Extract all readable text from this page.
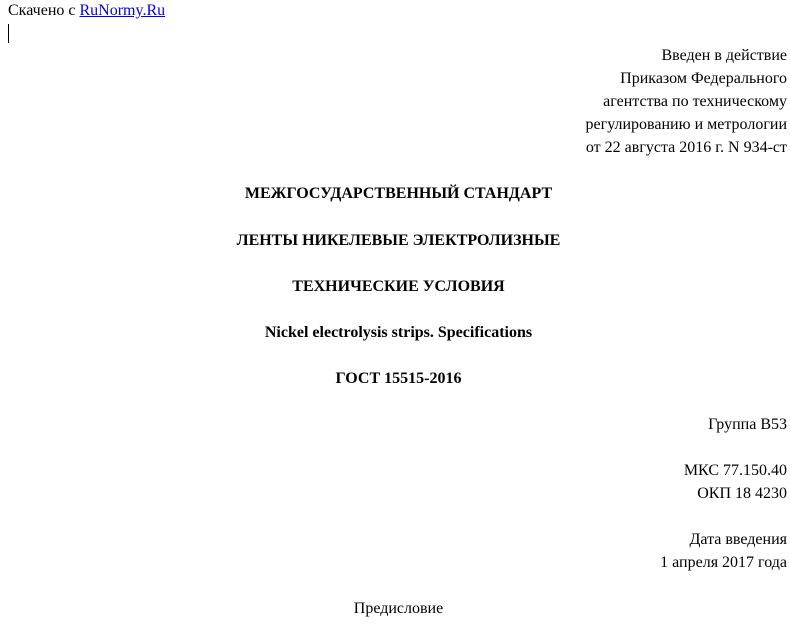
Скачено с RuNormy.Ru
Введен в действие
Приказом Федерального
агентства по техническому
регулированию и метрологии
от 22 августа 2016 г. N 934-ст
МЕЖГОСУДАРСТВЕННЫЙ СТАНДАРТ
ЛЕНТЫ НИКЕЛЕВЫЕ ЭЛЕКТРОЛИЗНЫЕ
ТЕХНИЧЕСКИЕ УСЛОВИЯ
Nickel electrolysis strips. Specifications
ГОСТ 15515-2016
Группа В53
МКС 77.150.40
ОКП 18 4230
Дата введения
1 апреля 2017 года
Предисловие
